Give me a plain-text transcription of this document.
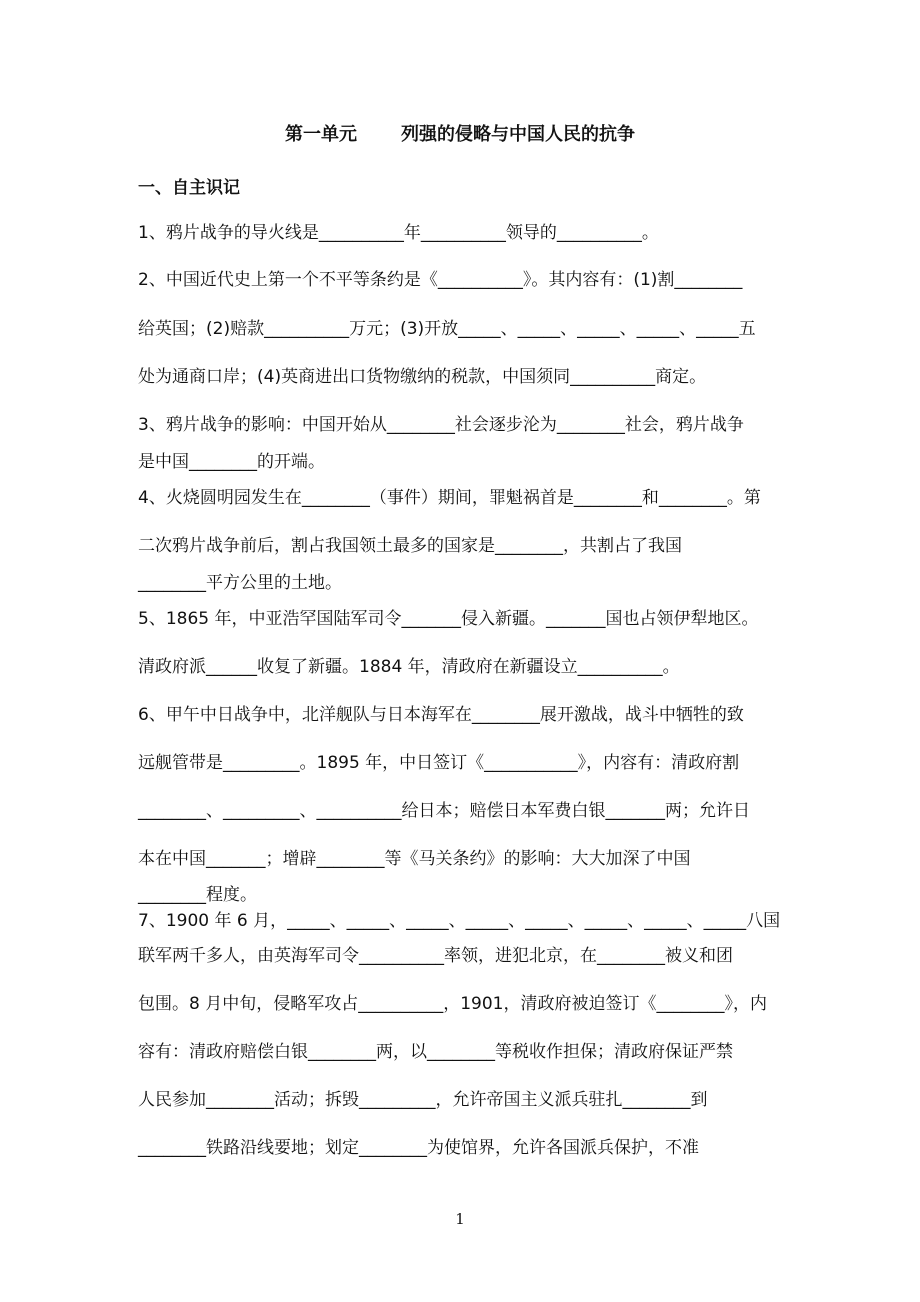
第一单元 列强的侵略与中国人民的抗争
一、自主识记
1、鸦片战争的导火线是__________年__________领导的__________。
2、中国近代史上第一个不平等条约是《__________》。其内容有：(1)割________
给英国；(2)赔款__________万元；(3)开放_____、_____、_____、_____、_____五
处为通商口岸；(4)英商进出口货物缴纳的税款，中国须同__________商定。
3、鸦片战争的影响：中国开始从________社会逐步沦为________社会，鸦片战争
是中国________的开端。
4、火烧圆明园发生在________（事件）期间，罪魁祸首是________和________。第
二次鸦片战争前后，割占我国领土最多的国家是________，共割占了我国
________平方公里的土地。
5、1865 年，中亚浩罕国陆军司令_______侵入新疆。_______国也占领伊犁地区。
清政府派______收复了新疆。1884 年，清政府在新疆设立__________。
6、甲午中日战争中，北洋舰队与日本海军在________展开激战，战斗中牺牲的致
远舰管带是_________。1895 年，中日签订《___________》，内容有：清政府割
________、_________、__________给日本；赔偿日本军费白银_______两；允许日
本在中国_______；增辟________等《马关条约》的影响：大大加深了中国
________程度。
7、1900 年 6 月，_____、_____、_____、_____、_____、_____、_____、_____八国
联军两千多人，由英海军司令__________率领，进犯北京，在________被义和团
包围。8 月中旬，侵略军攻占__________，1901，清政府被迫签订《________》，内
容有：清政府赔偿白银________两，以________等税收作担保；清政府保证严禁
人民参加________活动；拆毁_________，允许帝国主义派兵驻扎________到
________铁路沿线要地；划定________为使馆界，允许各国派兵保护，不准
1
